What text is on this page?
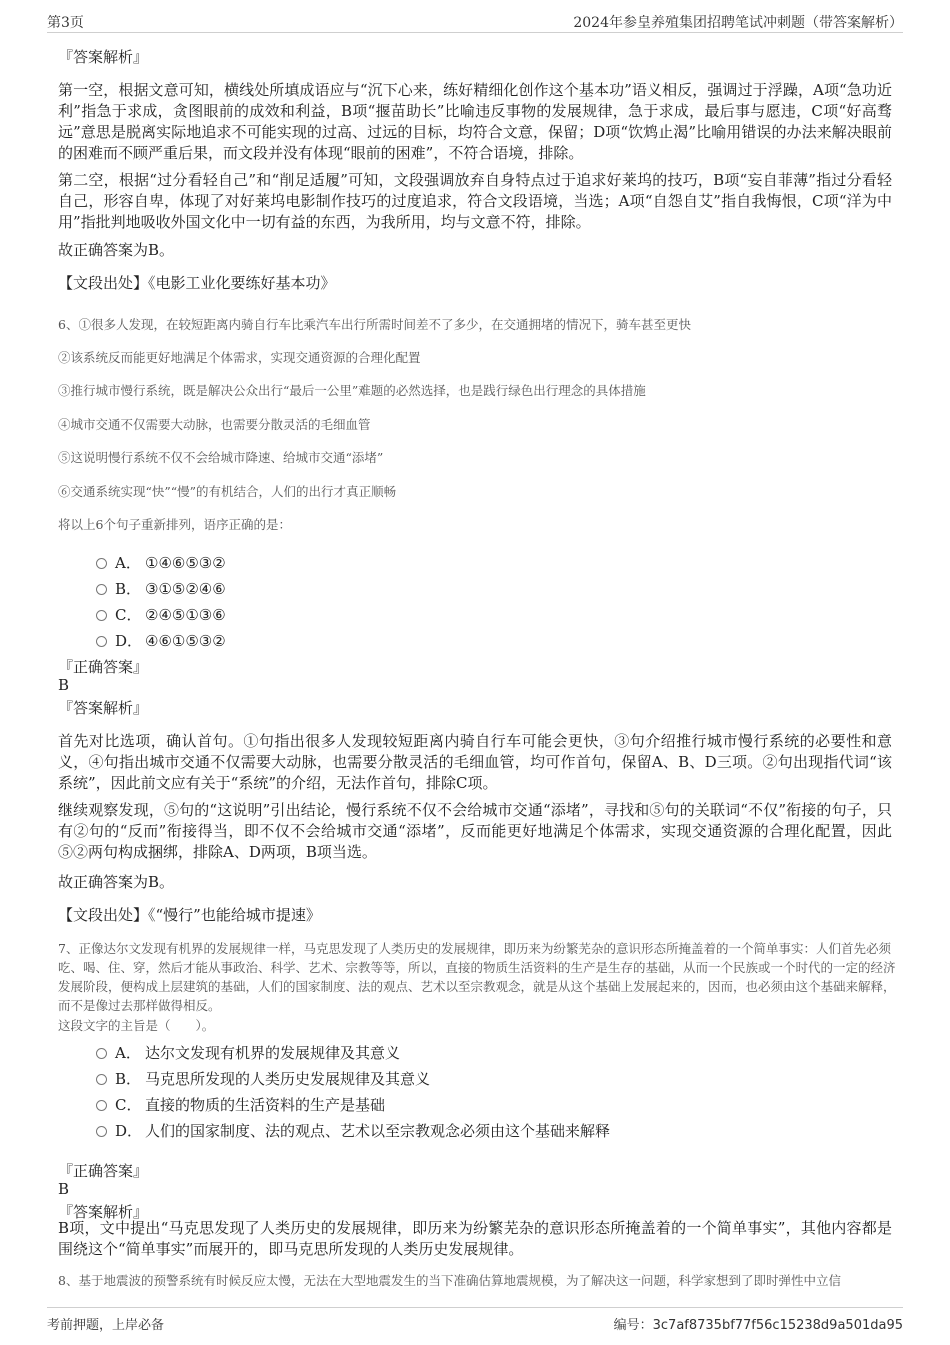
第3页	2024年参皇养殖集团招聘笔试冲刺题（带答案解析）
『答案解析』
第一空，根据文意可知，横线处所填成语应与“沉下心来，练好精细化创作这个基本功”语义相反，强调过于浮躁，A项“急功近利”指急于求成，贪图眼前的成效和利益，B项“揠苗助长”比喻违反事物的发展规律，急于求成，最后事与愿违，C项“好高骛远”意思是脱离实际地追求不可能实现的过高、过远的目标，均符合文意，保留；D项“饮鸩止渴”比喻用错误的办法来解决眼前的困难而不顾严重后果，而文段并没有体现“眼前的困难”，不符合语境，排除。
第二空，根据“过分看轻自己”和“削足适履”可知，文段强调放弃自身特点过于追求好莱坞的技巧，B项“妄自菲薄”指过分看轻自己，形容自卑，体现了对好莱坞电影制作技巧的过度追求，符合文段语境，当选；A项“自怨自艾”指自我悔恨，C项“洋为中用”指批判地吸收外国文化中一切有益的东西，为我所用，均与文意不符，排除。
故正确答案为B。
【文段出处】《电影工业化要练好基本功》
6、①很多人发现，在较短距离内骑自行车比乘汽车出行所需时间差不了多少，在交通拥堵的情况下，骑车甚至更快
②该系统反而能更好地满足个体需求，实现交通资源的合理化配置
③推行城市慢行系统，既是解决公众出行“最后一公里”难题的必然选择，也是践行绿色出行理念的具体措施
④城市交通不仅需要大动脉，也需要分散灵活的毛细血管
⑤这说明慢行系统不仅不会给城市降速、给城市交通“添堵”
⑥交通系统实现“快”“慢”的有机结合，人们的出行才真正顺畅
将以上6个句子重新排列，语序正确的是：
A． ①④⑥⑤③②
B． ③①⑤②④⑥
C． ②④⑤①③⑥
D． ④⑥①⑤③②
『正确答案』
B
『答案解析』
首先对比选项，确认首句。①句指出很多人发现较短距离内骑自行车可能会更快，③句介绍推行城市慢行系统的必要性和意义，④句指出城市交通不仅需要大动脉，也需要分散灵活的毛细血管，均可作首句，保留A、B、D三项。②句出现指代词“该系统”，因此前文应有关于“系统”的介绍，无法作首句，排除C项。
继续观察发现，⑤句的“这说明”引出结论，慢行系统不仅不会给城市交通“添堵”，寻找和⑤句的关联词“不仅”衔接的句子，只有②句的“反而”衔接得当，即不仅不会给城市交通“添堵”，反而能更好地满足个体需求，实现交通资源的合理化配置，因此⑤②两句构成捆绑，排除A、D两项，B项当选。
故正确答案为B。
【文段出处】《“慢行”也能给城市提速》
7、正像达尔文发现有机界的发展规律一样，马克思发现了人类历史的发展规律，即历来为纷繁芜杂的意识形态所掩盖着的一个简单事实：人们首先必须吃、喝、住、穿，然后才能从事政治、科学、艺术、宗教等等，所以，直接的物质生活资料的生产是生存的基础，从而一个民族或一个时代的一定的经济发展阶段，便构成上层建筑的基础，人们的国家制度、法的观点、艺术以至宗教观念，就是从这个基础上发展起来的，因而，也必须由这个基础来解释，而不是像过去那样做得相反。
这段文字的主旨是（　　）。
A． 达尔文发现有机界的发展规律及其意义
B． 马克思所发现的人类历史发展规律及其意义
C． 直接的物质的生活资料的生产是基础
D． 人们的国家制度、法的观点、艺术以至宗教观念必须由这个基础来解释
『正确答案』
B
『答案解析』
B项，文中提出“马克思发现了人类历史的发展规律，即历来为纷繁芜杂的意识形态所掩盖着的一个简单事实”，其他内容都是围绕这个“简单事实”而展开的，即马克思所发现的人类历史发展规律。
8、基于地震波的预警系统有时候反应太慢，无法在大型地震发生的当下准确估算地震规模，为了解决这一问题，科学家想到了即时弹性中立信
考前押题，上岸必备	编号：3c7af8735bf77f56c15238d9a501da95
